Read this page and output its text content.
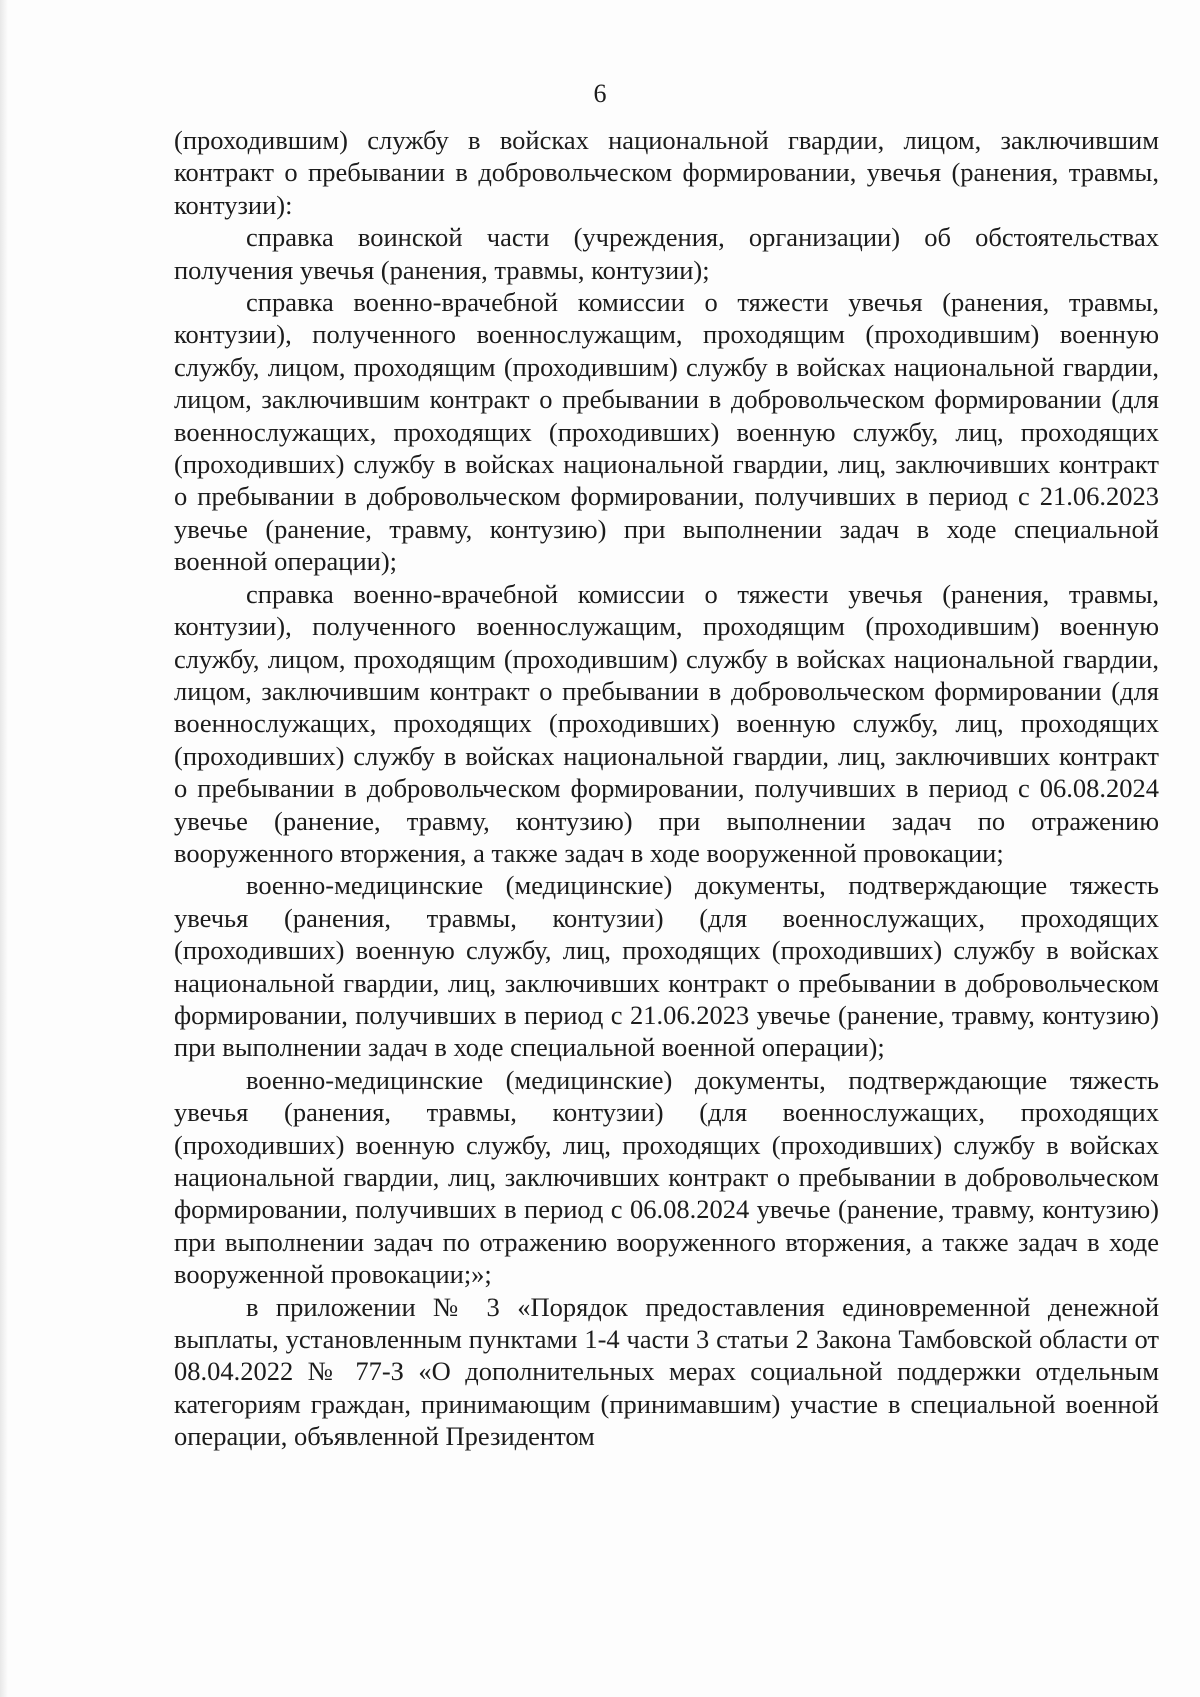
6

(проходившим) службу в войсках национальной гвардии, лицом, заключившим контракт о пребывании в добровольческом формировании, увечья (ранения, травмы, контузии):

справка воинской части (учреждения, организации) об обстоятельствах получения увечья (ранения, травмы, контузии);

справка военно-врачебной комиссии о тяжести увечья (ранения, травмы, контузии), полученного военнослужащим, проходящим (проходившим) военную службу, лицом, проходящим (проходившим) службу в войсках национальной гвардии, лицом, заключившим контракт о пребывании в добровольческом формировании (для военнослужащих, проходящих (проходивших) военную службу, лиц, проходящих (проходивших) службу в войсках национальной гвардии, лиц, заключивших контракт о пребывании в добровольческом формировании, получивших в период с 21.06.2023 увечье (ранение, травму, контузию) при выполнении задач в ходе специальной военной операции);

справка военно-врачебной комиссии о тяжести увечья (ранения, травмы, контузии), полученного военнослужащим, проходящим (проходившим) военную службу, лицом, проходящим (проходившим) службу в войсках национальной гвардии, лицом, заключившим контракт о пребывании в добровольческом формировании (для военнослужащих, проходящих (проходивших) военную службу, лиц, проходящих (проходивших) службу в войсках национальной гвардии, лиц, заключивших контракт о пребывании в добровольческом формировании, получивших в период с 06.08.2024 увечье (ранение, травму, контузию) при выполнении задач по отражению вооруженного вторжения, а также задач в ходе вооруженной провокации;

военно-медицинские (медицинские) документы, подтверждающие тяжесть увечья (ранения, травмы, контузии) (для военнослужащих, проходящих (проходивших) военную службу, лиц, проходящих (проходивших) службу в войсках национальной гвардии, лиц, заключивших контракт о пребывании в добровольческом формировании, получивших в период с 21.06.2023 увечье (ранение, травму, контузию) при выполнении задач в ходе специальной военной операции);

военно-медицинские (медицинские) документы, подтверждающие тяжесть увечья (ранения, травмы, контузии) (для военнослужащих, проходящих (проходивших) военную службу, лиц, проходящих (проходивших) службу в войсках национальной гвардии, лиц, заключивших контракт о пребывании в добровольческом формировании, получивших в период с 06.08.2024 увечье (ранение, травму, контузию) при выполнении задач по отражению вооруженного вторжения, а также задач в ходе вооруженной провокации;»;

в приложении № 3 «Порядок предоставления единовременной денежной выплаты, установленным пунктами 1-4 части 3 статьи 2 Закона Тамбовской области от 08.04.2022 № 77-З «О дополнительных мерах социальной поддержки отдельным категориям граждан, принимающим (принимавшим) участие в специальной военной операции, объявленной Президентом
